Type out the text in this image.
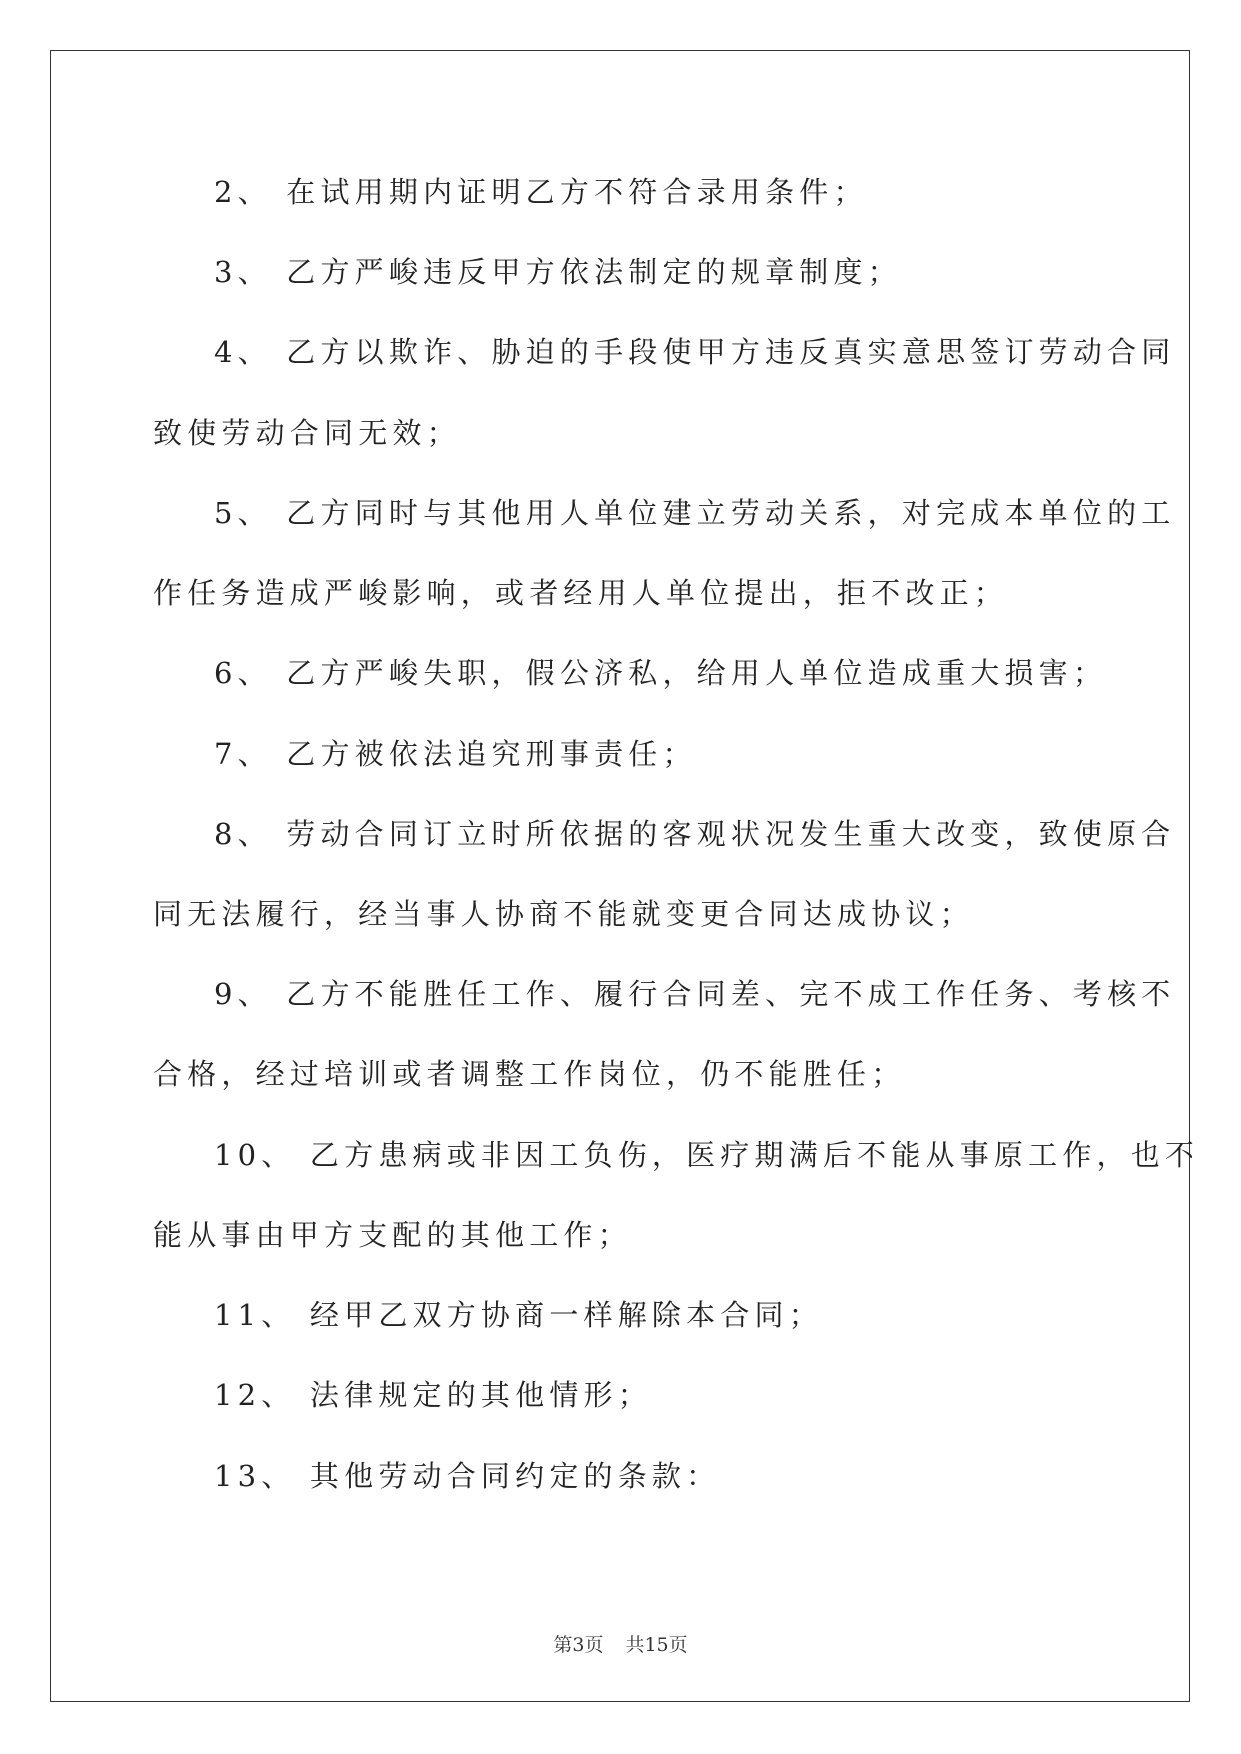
2、 在试用期内证明乙方不符合录用条件；
3、 乙方严峻违反甲方依法制定的规章制度；
4、 乙方以欺诈、胁迫的手段使甲方违反真实意思签订劳动合同
致使劳动合同无效；
5、 乙方同时与其他用人单位建立劳动关系，对完成本单位的工
作任务造成严峻影响，或者经用人单位提出，拒不改正；
6、 乙方严峻失职，假公济私，给用人单位造成重大损害；
7、 乙方被依法追究刑事责任；
8、 劳动合同订立时所依据的客观状况发生重大改变，致使原合
同无法履行，经当事人协商不能就变更合同达成协议；
9、 乙方不能胜任工作、履行合同差、完不成工作任务、考核不
合格，经过培训或者调整工作岗位，仍不能胜任；
10、 乙方患病或非因工负伤，医疗期满后不能从事原工作，也不
能从事由甲方支配的其他工作；
11、 经甲乙双方协商一样解除本合同；
12、 法律规定的其他情形；
13、 其他劳动合同约定的条款：
第3页 共15页
